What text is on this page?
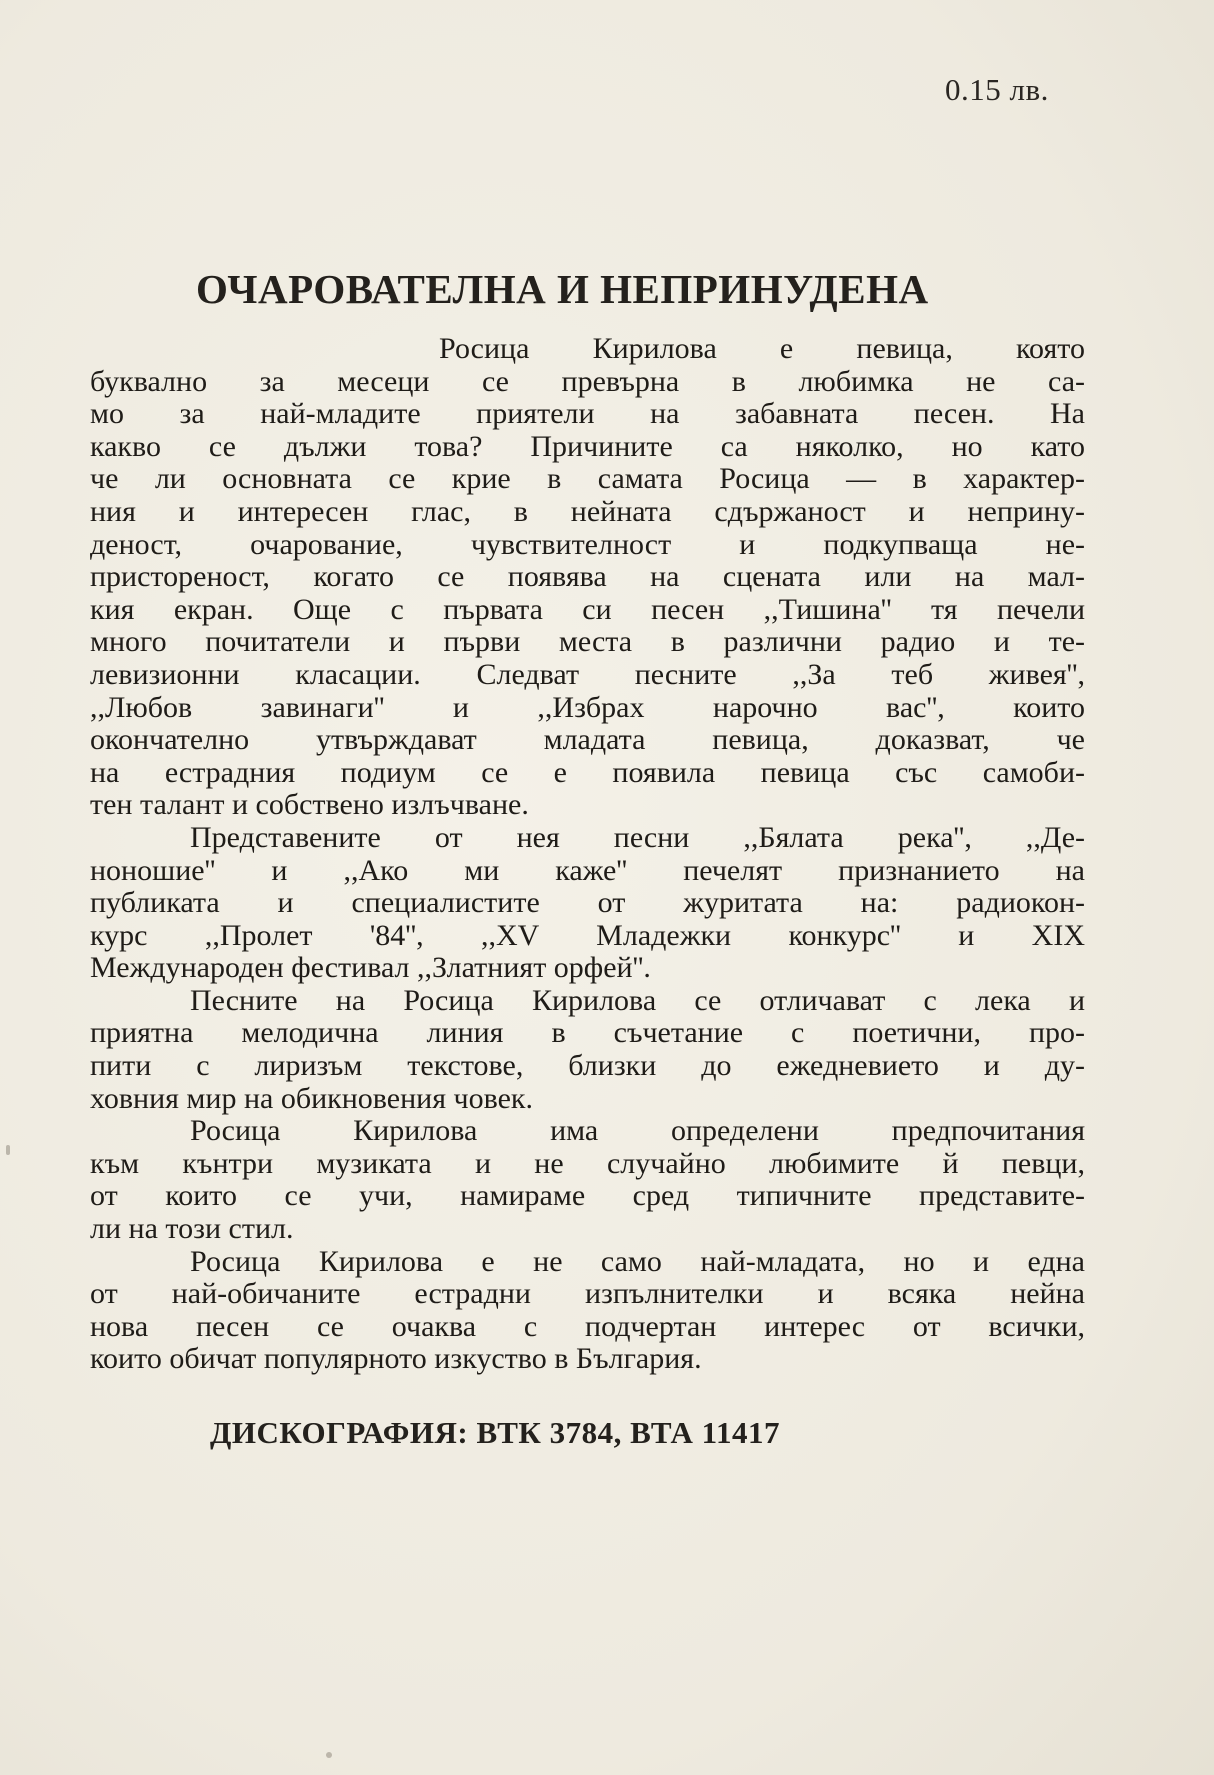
0.15 лв.
ОЧАРОВАТЕЛНА И НЕПРИНУДЕНА
Росица Кирилова е певица, която
буквално за месеци се превърна в любимка не са-
мо за най-младите приятели на забавната песен. На
какво се дължи това? Причините са няколко, но като
че ли основната се крие в самата Росица — в характер-
ния и интересен глас, в нейната сдържаност и неприну-
деност, очарование, чувствителност и подкупваща не-
пристореност, когато се появява на сцената или на мал-
кия екран. Още с първата си песен ,,Тишина'' тя печели
много почитатели и първи места в различни радио и те-
левизионни класации. Следват песните ,,За теб живея'',
,,Любов завинаги'' и ,,Избрах нарочно вас'', които
окончателно утвърждават младата певица, доказват, че
на естрадния подиум се е появила певица със самоби-
тен талант и собствено излъчване.
Представените от нея песни ,,Бялата река'', ,,Де-
ноношие'' и ,,Ако ми каже'' печелят признанието на
публиката и специалистите от журитата на: радиокон-
курс ,,Пролет '84'', ,,XV Младежки конкурс'' и XIX
Международен фестивал ,,Златният орфей''.
Песните на Росица Кирилова се отличават с лека и
приятна мелодична линия в съчетание с поетични, про-
пити с лиризъм текстове, близки до ежедневието и ду-
ховния мир на обикновения човек.
Росица Кирилова има определени предпочитания
към кънтри музиката и не случайно любимите й певци,
от които се учи, намираме сред типичните представите-
ли на този стил.
Росица Кирилова е не само най-младата, но и една
от най-обичаните естрадни изпълнителки и всяка нейна
нова песен се очаква с подчертан интерес от всички,
които обичат популярното изкуство в България.
ДИСКОГРАФИЯ: ВТК 3784, ВТА 11417
